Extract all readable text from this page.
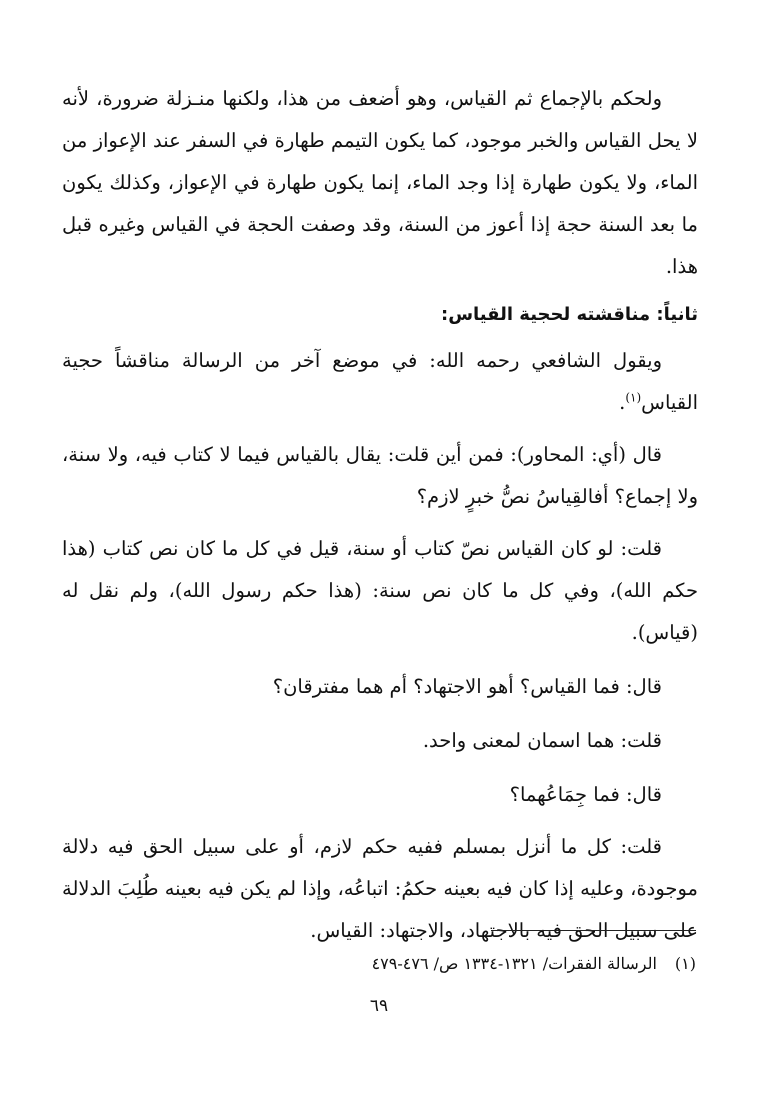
ولحكم بالإجماع ثم القياس، وهو أضعف من هذا، ولكنها منـزلة ضرورة، لأنه لا يحل القياس والخبر موجود، كما يكون التيمم طهارة في السفر عند الإعواز من الماء، ولا يكون طهارة إذا وجد الماء، إنما يكون طهارة في الإعواز، وكذلك يكون ما بعد السنة حجة إذا أعوز من السنة، وقد وصفت الحجة في القياس وغيره قبل هذا.

ثانياً: مناقشته لحجية القياس:

ويقول الشافعي رحمه الله: في موضع آخر من الرسالة مناقشاً حجية القياس$^{(١)}$.

قال (أي: المحاور): فمن أين قلت: يقال بالقياس فيما لا كتاب فيه، ولا سنة، ولا إجماع؟ أفالقِياسُ نصُّ خبرٍ لازم؟

قلت: لو كان القياس نصّ كتاب أو سنة، قيل في كل ما كان نص كتاب (هذا حكم الله)، وفي كل ما كان نص سنة: (هذا حكم رسول الله)، ولم نقل له (قياس).

قال: فما القياس؟ أهو الاجتهاد؟ أم هما مفترقان؟

قلت: هما اسمان لمعنى واحد.

قال: فما جِمَاعُهما؟

قلت: كل ما أنزل بمسلم ففيه حكم لازم، أو على سبيل الحق فيه دلالة موجودة، وعليه إذا كان فيه بعينه حكمُ: اتباعُه، وإذا لم يكن فيه بعينه طُلِبَ الدلالة على سبيل الحق فيه بالاجتهاد، والاجتهاد: القياس.

(١)الرسالة الفقرات/ ١٣٢١-١٣٣٤ ص/ ٤٧٦-٤٧٩
٦٩
